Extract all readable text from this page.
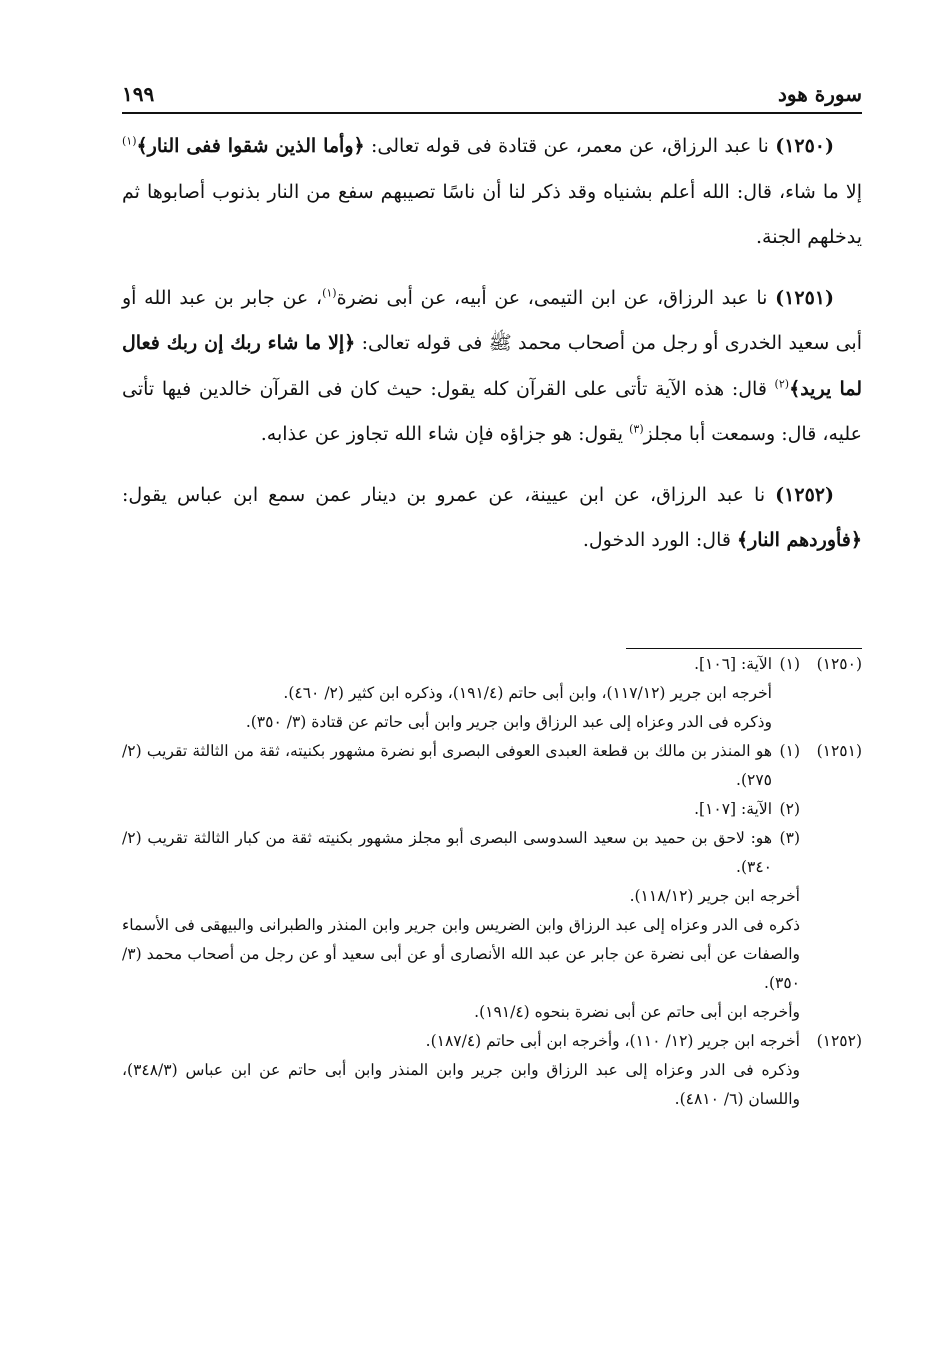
سورة هود
١٩٩

(١٢٥٠) نا عبد الرزاق، عن معمر، عن قتادة فى قوله تعالى: ﴿وأما الذين شقوا ففى النار﴾$^{(١)}$ إلا ما شاء، قال: الله أعلم بشنياه وقد ذكر لنا أن ناسًا تصيبهم سفع من النار بذنوب أصابوها ثم يدخلهم الجنة.

(١٢٥١) نا عبد الرزاق، عن ابن التيمى، عن أبيه، عن أبى نضرة$^{(١)}$، عن جابر بن عبد الله أو أبى سعيد الخدرى أو رجل من أصحاب محمد ﷺ فى قوله تعالى: ﴿إلا ما شاء ربك إن ربك فعال لما يريد﴾$^{(٢)}$ قال: هذه الآية تأتى على القرآن كله يقول: حيث كان فى القرآن خالدين فيها تأتى عليه، قال: وسمعت أبا مجلز$^{(٣)}$ يقول: هو جزاؤه فإن شاء الله تجاوز عن عذابه.

(١٢٥٢) نا عبد الرزاق، عن ابن عيينة، عن عمرو بن دينار عمن سمع ابن عباس يقول: ﴿فأوردهم النار﴾ قال: الورد الدخول.

(١٢٥٠)
(١)
الآية: [١٠٦].
أخرجه ابن جرير (١١٧/١٢)، وابن أبى حاتم (١٩١/٤)، وذكره ابن كثير (٢/ ٤٦٠).
وذكره فى الدر وعزاه إلى عبد الرزاق وابن جرير وابن أبى حاتم عن قتادة (٣/ ٣٥٠).
(١٢٥١)
(١)
هو المنذر بن مالك بن قطعة العبدى العوفى البصرى أبو نضرة مشهور بكنيته، ثقة من الثالثة تقريب (٢/ ٢٧٥).
(٢)
الآية: [١٠٧].
(٣)
هو: لاحق بن حميد بن سعيد السدوسى البصرى أبو مجلز مشهور بكنيته ثقة من كبار الثالثة تقريب (٢/ ٣٤٠).
أخرجه ابن جرير (١١٨/١٢).
ذكره فى الدر وعزاه إلى عبد الرزاق وابن الضريس وابن جرير وابن المنذر والطبرانى والبيهقى فى الأسماء والصفات عن أبى نضرة عن جابر عن عبد الله الأنصارى أو عن أبى سعيد أو عن رجل من أصحاب محمد (٣/ ٣٥٠).
وأخرجه ابن أبى حاتم عن أبى نضرة بنحوه (١٩١/٤).
(١٢٥٢)
أخرجه ابن جرير (١٢/ ١١٠)، وأخرجه ابن أبى حاتم (١٨٧/٤).
وذكره فى الدر وعزاه إلى عبد الرزاق وابن جرير وابن المنذر وابن أبى حاتم عن ابن عباس (٣٤٨/٣)، واللسان (٦/ ٤٨١٠).
